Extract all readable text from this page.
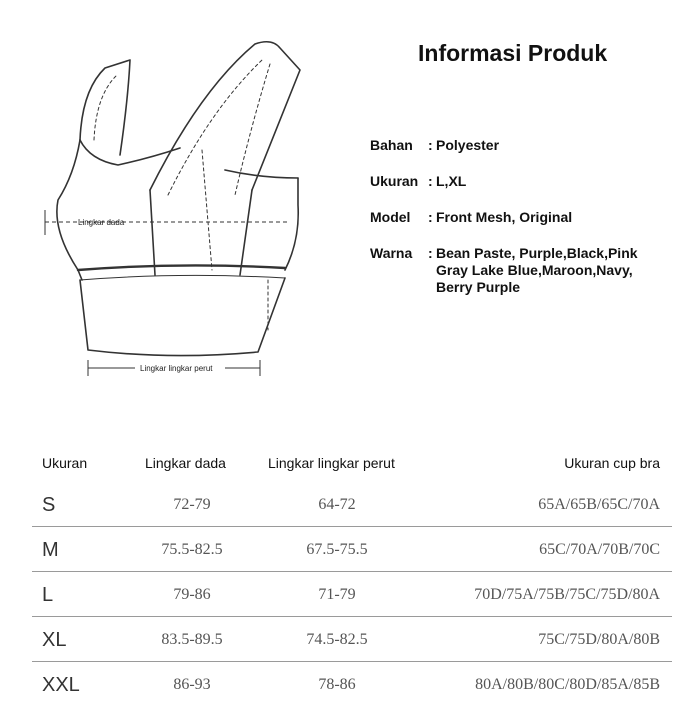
Lingkar dada
Lingkar lingkar perut
Informasi Produk
Bahan	: Polyester
Ukuran : L,XL
Model	: Front Mesh, Original
Warna	: Bean Paste, Purple,Black,Pink Gray Lake Blue,Maroon,Navy, Berry Purple
Ukuran	Lingkar dada	Lingkar lingkar perut	Ukuran cup bra
S	72-79	64-72	65A/65B/65C/70A
M	75.5-82.5	67.5-75.5	65C/70A/70B/70C
L	79-86	71-79	70D/75A/75B/75C/75D/80A
XL	83.5-89.5	74.5-82.5	75C/75D/80A/80B
XXL	86-93	78-86	80A/80B/80C/80D/85A/85B
